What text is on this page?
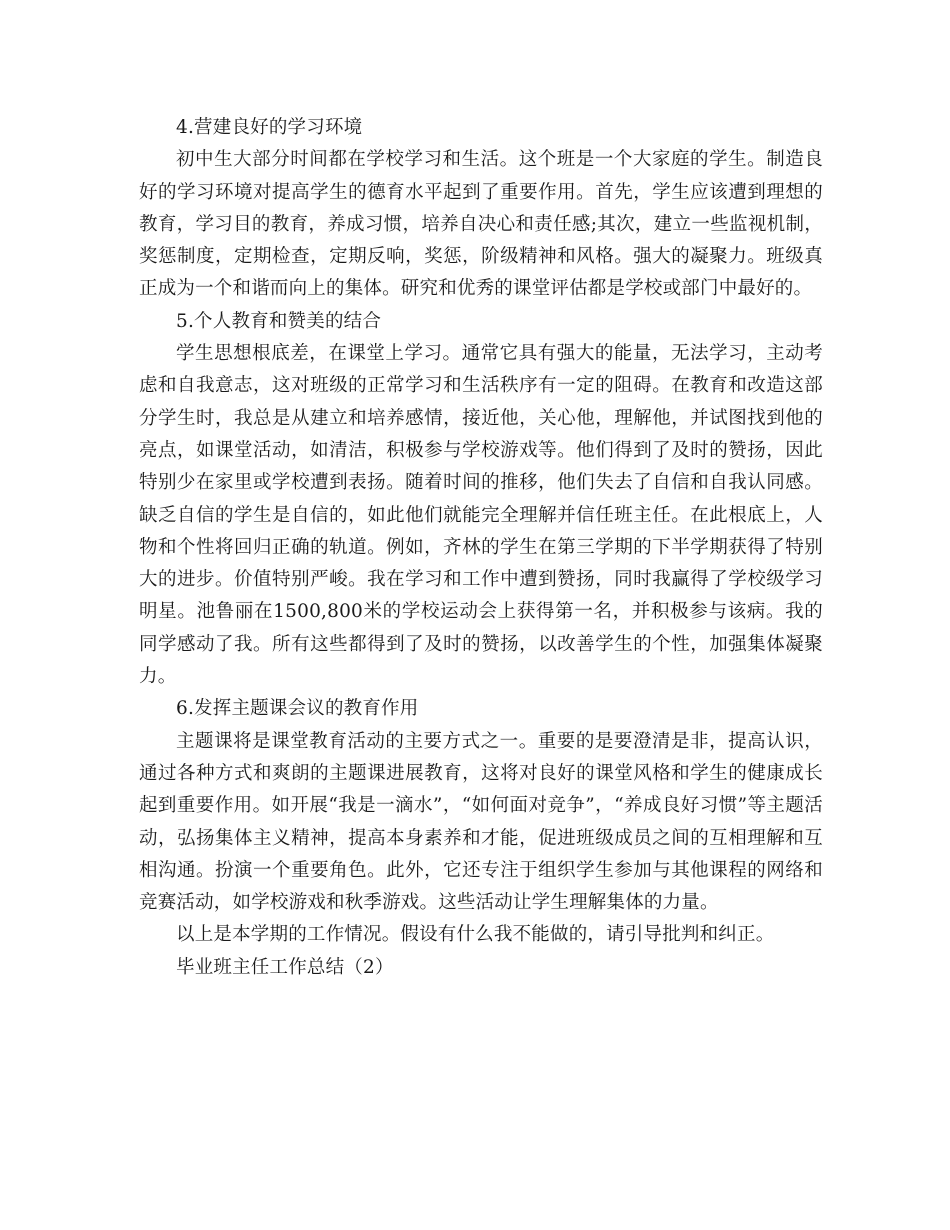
4.营建良好的学习环境

初中生大部分时间都在学校学习和生活。这个班是一个大家庭的学生。制造良好的学习环境对提高学生的德育水平起到了重要作用。首先，学生应该遭到理想的教育，学习目的教育，养成习惯，培养自决心和责任感;其次，建立一些监视机制，奖惩制度，定期检查，定期反响，奖惩，阶级精神和风格。强大的凝聚力。班级真正成为一个和谐而向上的集体。研究和优秀的课堂评估都是学校或部门中最好的。

5.个人教育和赞美的结合

学生思想根底差，在课堂上学习。通常它具有强大的能量，无法学习，主动考虑和自我意志，这对班级的正常学习和生活秩序有一定的阻碍。在教育和改造这部分学生时，我总是从建立和培养感情，接近他，关心他，理解他，并试图找到他的亮点，如课堂活动，如清洁，积极参与学校游戏等。他们得到了及时的赞扬，因此特别少在家里或学校遭到表扬。随着时间的推移，他们失去了自信和自我认同感。缺乏自信的学生是自信的，如此他们就能完全理解并信任班主任。在此根底上，人物和个性将回归正确的轨道。例如，齐林的学生在第三学期的下半学期获得了特别大的进步。价值特别严峻。我在学习和工作中遭到赞扬，同时我赢得了学校级学习明星。池鲁丽在1500,800米的学校运动会上获得第一名，并积极参与该病。我的同学感动了我。所有这些都得到了及时的赞扬，以改善学生的个性，加强集体凝聚力。

6.发挥主题课会议的教育作用

主题课将是课堂教育活动的主要方式之一。重要的是要澄清是非，提高认识，通过各种方式和爽朗的主题课进展教育，这将对良好的课堂风格和学生的健康成长起到重要作用。如开展“我是一滴水”，“如何面对竞争”，“养成良好习惯”等主题活动，弘扬集体主义精神，提高本身素养和才能，促进班级成员之间的互相理解和互相沟通。扮演一个重要角色。此外，它还专注于组织学生参加与其他课程的网络和竞赛活动，如学校游戏和秋季游戏。这些活动让学生理解集体的力量。

以上是本学期的工作情况。假设有什么我不能做的，请引导批判和纠正。

毕业班主任工作总结（2）
